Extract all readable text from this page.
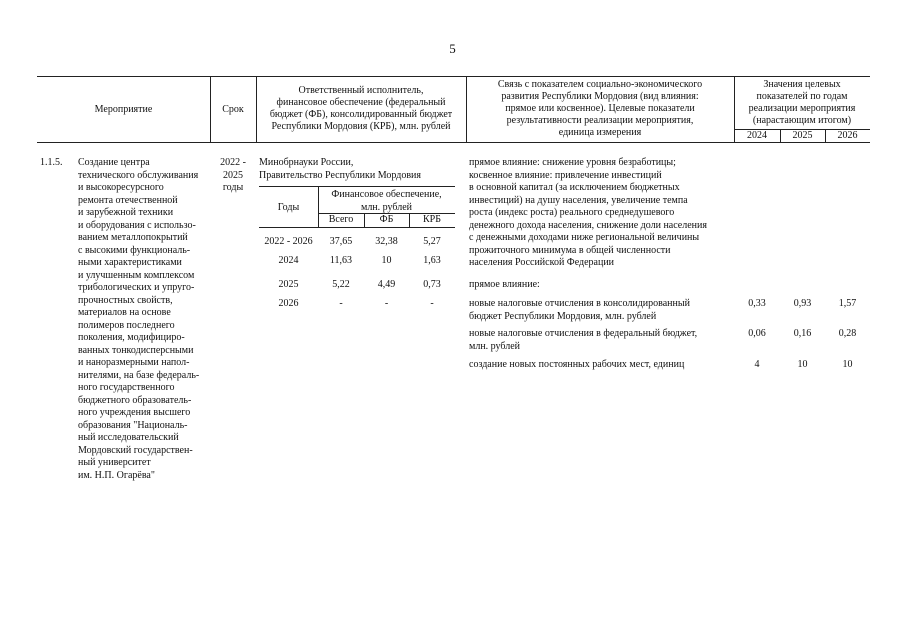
5
Мероприятие	Срок
Ответственный исполнитель,
финансовое обеспечение (федеральный
бюджет (ФБ), консолидированный бюджет
Республики Мордовия (КРБ), млн. рублей
Связь с показателем социально-экономического
развития Республики Мордовия (вид влияния:
прямое или косвенное). Целевые показатели
результативности реализации мероприятия,
единица измерения
Значения целевых
показателей по годам
реализации мероприятия
(нарастающим итогом)
2024	2025	2026
1.1.5. Создание центра
технического обслуживания
и высокоресурсного
ремонта отечественной
и зарубежной техники
и оборудования с использо-
ванием металлопокрытий
с высокими функциональ-
ными характеристиками
и улучшенным комплексом
трибологических и упруго-
прочностных свойств,
материалов на основе
полимеров последнего
поколения, модифициро-
ванных тонкодисперсными
и наноразмерными напол-
нителями, на базе федераль-
ного государственного
бюджетного образователь-
ного учреждения высшего
образования "Националь-
ный исследовательский
Мордовский государствен-
ный университет
им. Н.П. Огарёва"
2022 -
2025
годы
Минобрнауки России,
Правительство Республики Мордовия
Годы
Финансовое обеспечение,
млн. рублей
Всего	ФБ	КРБ
2022 - 2026	37,65	32,38	5,27
2024	11,63	10	1,63
2025	5,22	4,49	0,73
2026	-	-	-
прямое влияние: снижение уровня безработицы;
косвенное влияние: привлечение инвестиций
в основной капитал (за исключением бюджетных
инвестиций) на душу населения, увеличение темпа
роста (индекс роста) реального среднедушевого
денежного дохода населения, снижение доли населения
с денежными доходами ниже региональной величины
прожиточного минимума в общей численности
населения Российской Федерации
прямое влияние:
новые налоговые отчисления в консолидированный
бюджет Республики Мордовия, млн. рублей
0,33	0,93	1,57
новые налоговые отчисления в федеральный бюджет,
млн. рублей
0,06	0,16	0,28
создание новых постоянных рабочих мест, единиц	4	10	10
